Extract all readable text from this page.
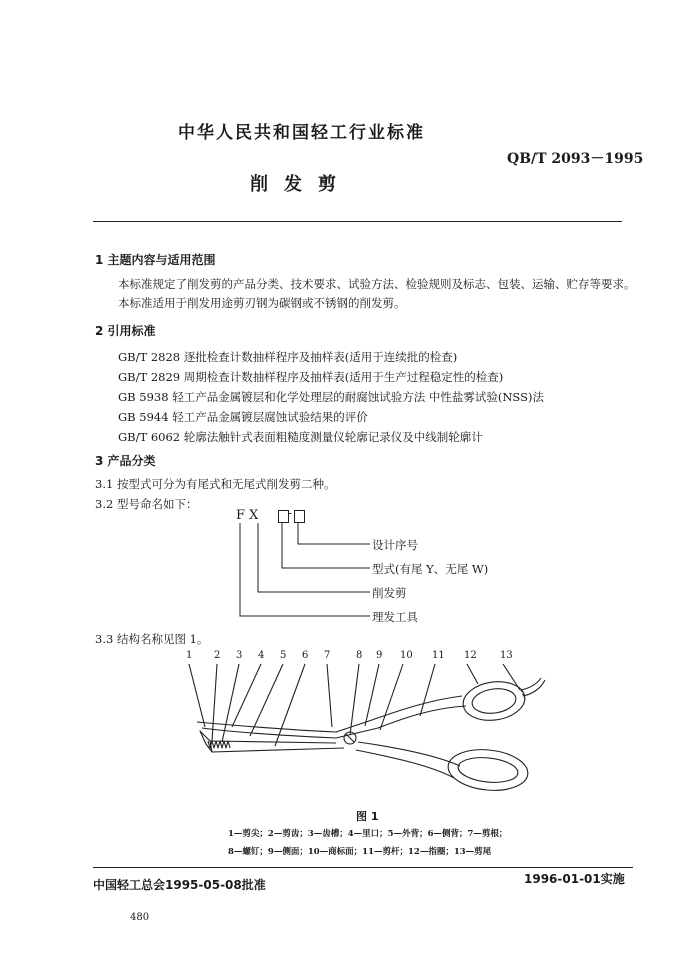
中华人民共和国轻工行业标准
QB/T 2093－1995
削发剪
1 主题内容与适用范围
本标准规定了削发剪的产品分类、技术要求、试验方法、检验规则及标志、包装、运输、贮存等要求。
本标准适用于削发用途剪刃钢为碳钢或不锈钢的削发剪。
2 引用标准
GB/T 2828 逐批检查计数抽样程序及抽样表(适用于连续批的检查)
GB/T 2829 周期检查计数抽样程序及抽样表(适用于生产过程稳定性的检查)
GB 5938 轻工产品金属镀层和化学处理层的耐腐蚀试验方法 中性盐雾试验(NSS)法
GB 5944 轻工产品金属镀层腐蚀试验结果的评价
GB/T 6062 轮廓法触针式表面粗糙度测量仪轮廓记录仪及中线制轮廓计
3 产品分类
3.1 按型式可分为有尾式和无尾式削发剪二种。
3.2 型号命名如下：
F X -
设计序号
型式(有尾 Y、无尾 W)
削发剪
理发工具
3.3 结构名称见图 1。
1 2 3 4 5 6 7	8 9 10 11 12 13
图 1
1—剪尖；2—剪齿；3—齿槽；4—里口；5—外背；6—侧背；7—剪根；
8—螺钉；9—侧面；10—商标面；11—剪杆；12—指圈；13—剪尾
中国轻工总会1995-05-08批准	1996-01-01实施
480
